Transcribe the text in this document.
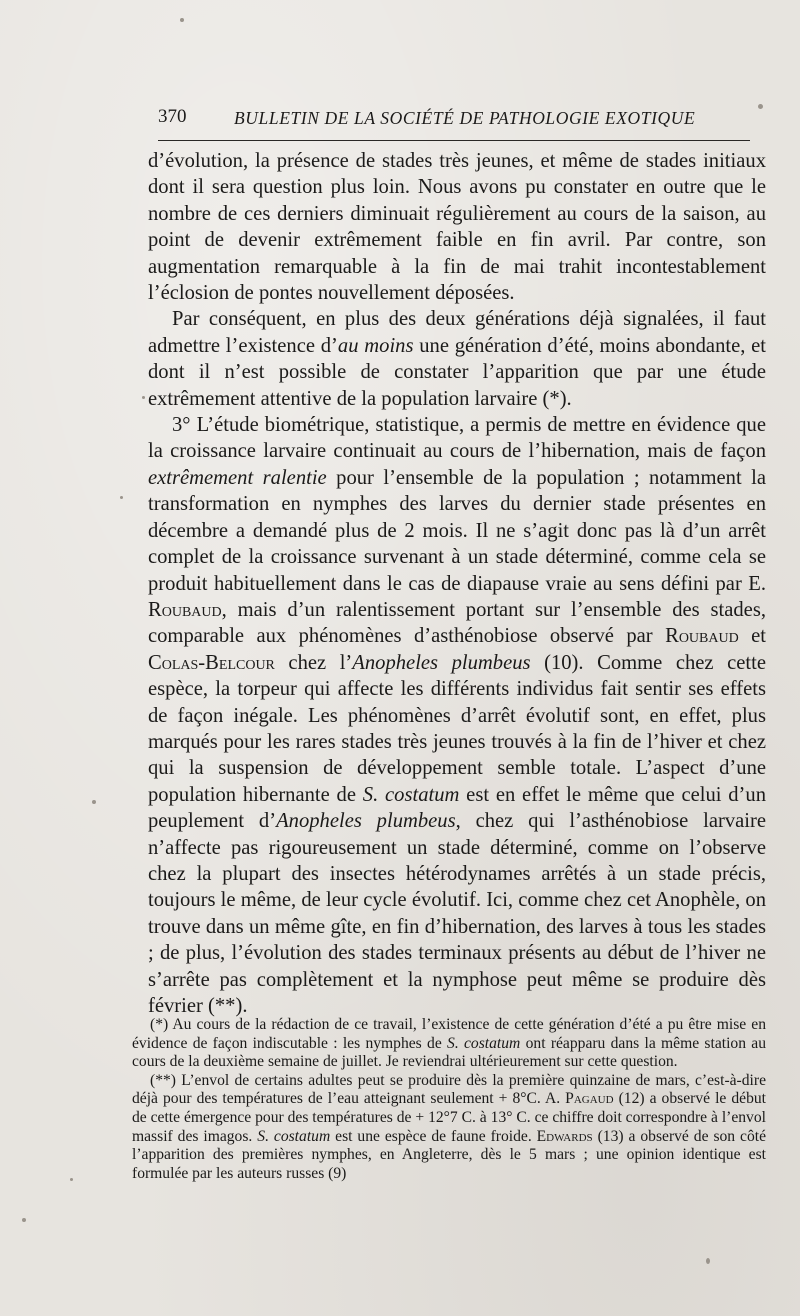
370	BULLETIN DE LA SOCIÉTÉ DE PATHOLOGIE EXOTIQUE

d’évolution, la présence de stades très jeunes, et même de stades initiaux dont il sera question plus loin. Nous avons pu constater en outre que le nombre de ces derniers diminuait régulièrement au cours de la saison, au point de devenir extrêmement faible en fin avril. Par contre, son augmentation remarquable à la fin de mai trahit incontestablement l’éclosion de pontes nouvellement déposées.

Par conséquent, en plus des deux générations déjà signalées, il faut admettre l’existence d’au moins une génération d’été, moins abondante, et dont il n’est possible de constater l’apparition que par une étude extrêmement attentive de la population larvaire (*).

3° L’étude biométrique, statistique, a permis de mettre en évidence que la croissance larvaire continuait au cours de l’hibernation, mais de façon extrêmement ralentie pour l’ensemble de la population ; notamment la transformation en nymphes des larves du dernier stade présentes en décembre a demandé plus de 2 mois. Il ne s’agit donc pas là d’un arrêt complet de la croissance survenant à un stade déterminé, comme cela se produit habituellement dans le cas de diapause vraie au sens défini par E. Roubaud, mais d’un ralentissement portant sur l’ensemble des stades, comparable aux phénomènes d’asthénobiose observé par Roubaud et Colas-Belcour chez l’Anopheles plumbeus (10). Comme chez cette espèce, la torpeur qui affecte les différents individus fait sentir ses effets de façon inégale. Les phénomènes d’arrêt évolutif sont, en effet, plus marqués pour les rares stades très jeunes trouvés à la fin de l’hiver et chez qui la suspension de développement semble totale. L’aspect d’une population hibernante de S. costatum est en effet le même que celui d’un peuplement d’Anopheles plumbeus, chez qui l’asthénobiose larvaire n’affecte pas rigoureusement un stade déterminé, comme on l’observe chez la plupart des insectes hétérodynames arrêtés à un stade précis, toujours le même, de leur cycle évolutif. Ici, comme chez cet Anophèle, on trouve dans un même gîte, en fin d’hibernation, des larves à tous les stades ; de plus, l’évolution des stades terminaux présents au début de l’hiver ne s’arrête pas complètement et la nymphose peut même se produire dès février (**).

(*) Au cours de la rédaction de ce travail, l’existence de cette génération d’été a pu être mise en évidence de façon indiscutable : les nymphes de S. costatum ont réapparu dans la même station au cours de la deuxième semaine de juillet. Je reviendrai ultérieurement sur cette question.

(**) L’envol de certains adultes peut se produire dès la première quinzaine de mars, c’est-à-dire déjà pour des températures de l’eau atteignant seulement + 8°C. A. Pagaud (12) a observé le début de cette émergence pour des températures de + 12°7 C. à 13° C. ce chiffre doit correspondre à l’envol massif des imagos. S. costatum est une espèce de faune froide. Edwards (13) a observé de son côté l’apparition des premières nymphes, en Angleterre, dès le 5 mars ; une opinion identique est formulée par les auteurs russes (9)
